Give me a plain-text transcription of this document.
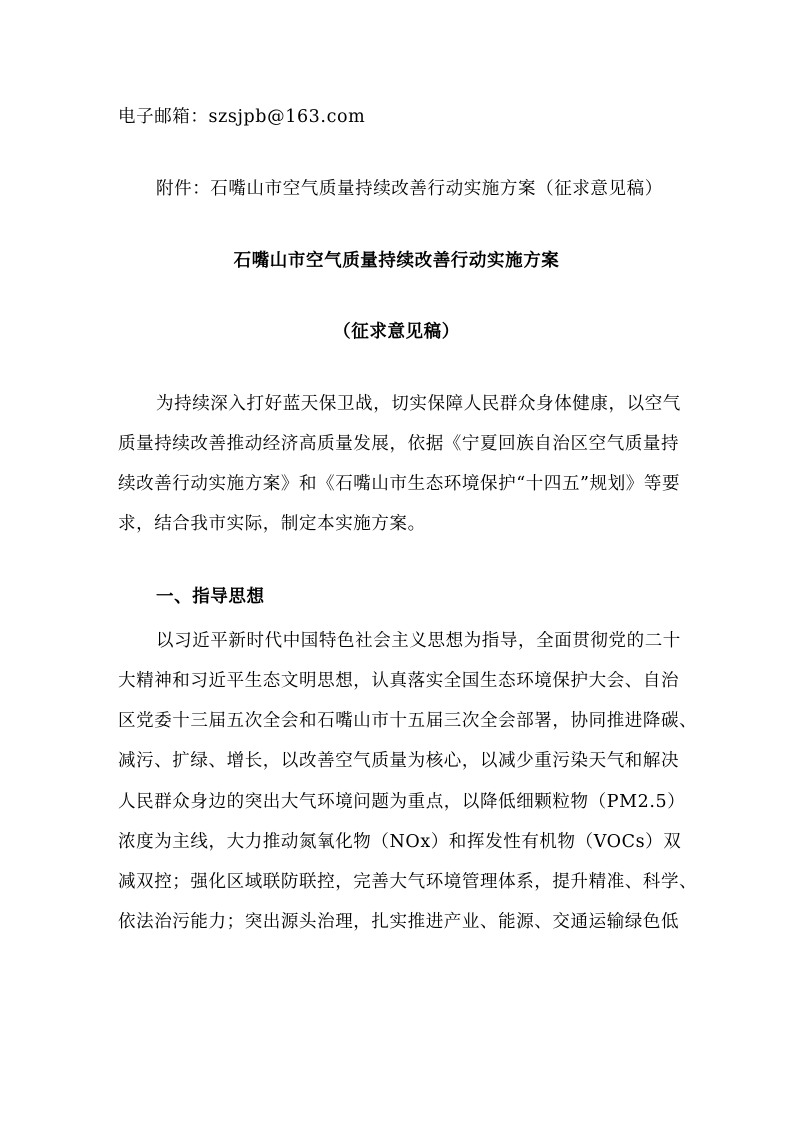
电子邮箱：szsjpb@163.com
附件：石嘴山市空气质量持续改善行动实施方案（征求意见稿）
石嘴山市空气质量持续改善行动实施方案
（征求意见稿）
为持续深入打好蓝天保卫战，切实保障人民群众身体健康，以空气
质量持续改善推动经济高质量发展，依据《宁夏回族自治区空气质量持
续改善行动实施方案》和《石嘴山市生态环境保护“十四五”规划》等要
求，结合我市实际，制定本实施方案。
一、指导思想
以习近平新时代中国特色社会主义思想为指导，全面贯彻党的二十
大精神和习近平生态文明思想，认真落实全国生态环境保护大会、自治
区党委十三届五次全会和石嘴山市十五届三次全会部署，协同推进降碳、
减污、扩绿、增长，以改善空气质量为核心，以减少重污染天气和解决
人民群众身边的突出大气环境问题为重点，以降低细颗粒物（PM2.5）
浓度为主线，大力推动氮氧化物（NOx）和挥发性有机物（VOCs）双
减双控；强化区域联防联控，完善大气环境管理体系，提升精准、科学、
依法治污能力；突出源头治理，扎实推进产业、能源、交通运输绿色低
